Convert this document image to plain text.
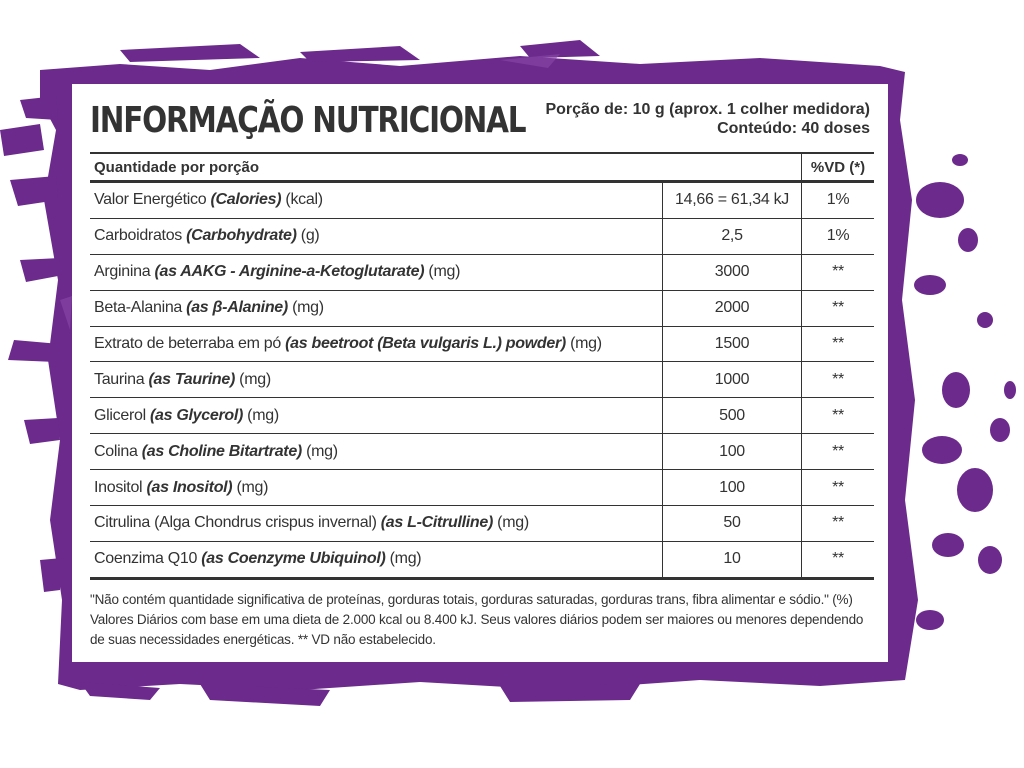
INFORMAÇÃO NUTRICIONAL Porção de: 10 g (aprox. 1 colher medidora)
Conteúdo: 40 doses
Quantidade por porção		%VD (*)
Valor Energético (Calories) (kcal)	14,66 = 61,34 kJ	1%
Carboidratos (Carbohydrate) (g)	2,5	1%
Arginina (as AAKG - Arginine-a-Ketoglutarate) (mg)	3000	**
Beta-Alanina (as β-Alanine) (mg)	2000	**
Extrato de beterraba em pó (as beetroot (Beta vulgaris L.) powder) (mg)	1500	**
Taurina (as Taurine) (mg)	1000	**
Glicerol (as Glycerol) (mg)	500	**
Colina (as Choline Bitartrate) (mg)	100	**
Inositol (as Inositol) (mg)	100	**
Citrulina (Alga Chondrus crispus invernal) (as L-Citrulline) (mg)	50	**
Coenzima Q10 (as Coenzyme Ubiquinol) (mg)	10	**
"Não contém quantidade significativa de proteínas, gorduras totais, gorduras saturadas, gorduras trans, fibra alimentar e sódio." (%) Valores Diários com base em uma dieta de 2.000 kcal ou 8.400 kJ. Seus valores diários podem ser maiores ou menores dependendo de suas necessidades energéticas. ** VD não estabelecido.
